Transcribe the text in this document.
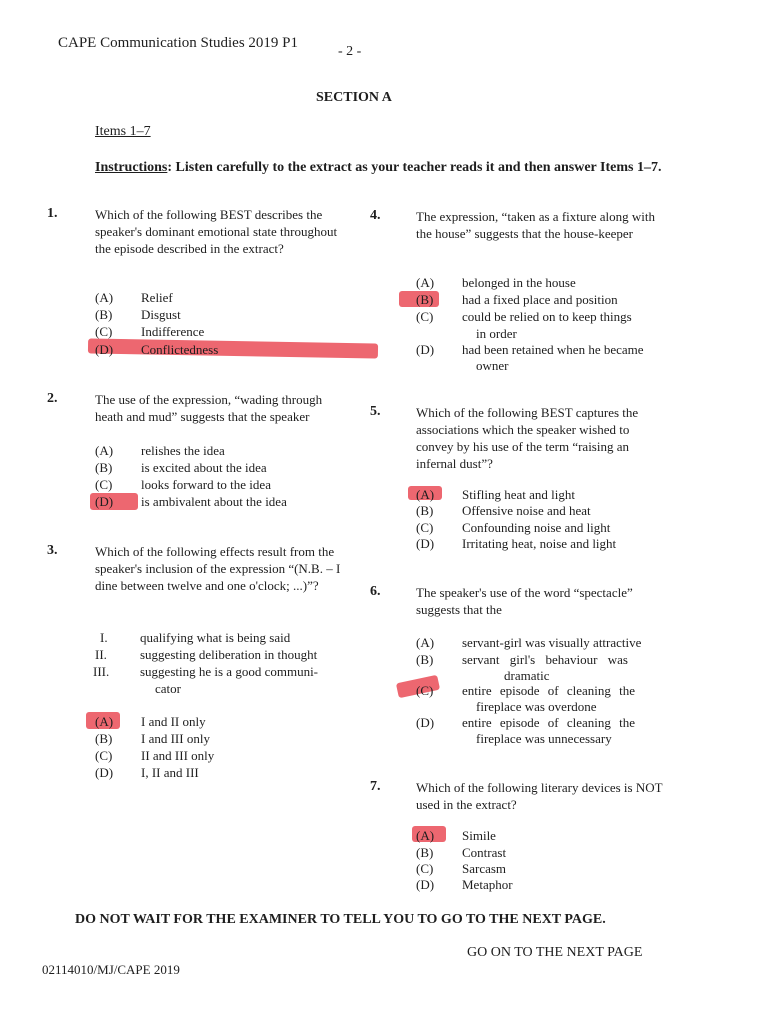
CAPE Communication Studies 2019 P1
- 2 -
SECTION A
Items 1–7
Instructions: Listen carefully to the extract as your teacher reads it and then answer Items 1–7.
1.	Which of the following BEST describes the speaker's dominant emotional state throughout the episode described in the extract?
(A) Relief
(B) Disgust
(C) Indifference
(D) Conflictedness
2.	The use of the expression, “wading through heath and mud” suggests that the speaker
(A) relishes the idea
(B) is excited about the idea
(C) looks forward to the idea
(D) is ambivalent about the idea
3.	Which of the following effects result from the speaker's inclusion of the expression “(N.B. – I dine between twelve and one o'clock; ...)”?
I. qualifying what is being said
II.	suggesting deliberation in thought
III. suggesting he is a good communi-
cator
(A) I and II only
(B) I and III only
(C) II and III only
(D) I, II and III
4.	The expression, “taken as a fixture along with the house” suggests that the house-keeper
(A) belonged in the house
(B) had a fixed place and position
(C) could be relied on to keep things
in order
(D) had been retained when he became
owner
5.	Which of the following BEST captures the associations which the speaker wished to convey by his use of the term “raising an infernal dust”?
(A) Stifling heat and light
(B) Offensive noise and heat
(C) Confounding noise and light
(D) Irritating heat, noise and light
6.	The speaker's use of the word “spectacle” suggests that the
(A) servant-girl was visually attractive
(B) servant girl's behaviour was
dramatic
(C) entire episode of cleaning the
fireplace was overdone
(D) entire episode of cleaning the
fireplace was unnecessary
7.	Which of the following literary devices is NOT used in the extract?
(A) Simile
(B) Contrast
(C) Sarcasm
(D) Metaphor
DO NOT WAIT FOR THE EXAMINER TO TELL YOU TO GO TO THE NEXT PAGE.
GO ON TO THE NEXT PAGE
02114010/MJ/CAPE 2019
